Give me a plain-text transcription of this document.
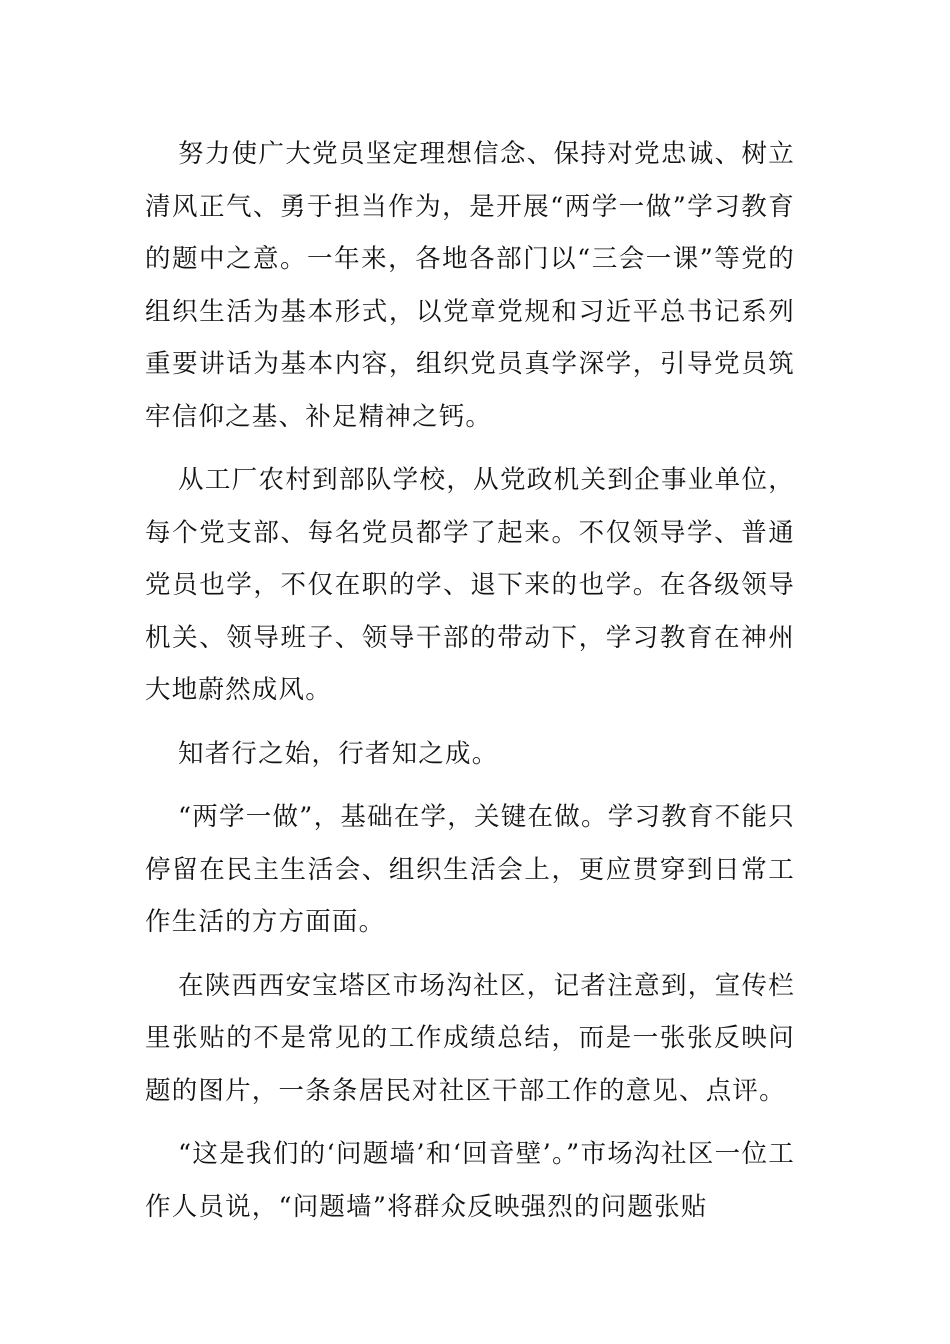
努力使广大党员坚定理想信念、保持对党忠诚、树立清风正气、勇于担当作为，是开展“两学一做”学习教育的题中之意。一年来，各地各部门以“三会一课”等党的组织生活为基本形式，以党章党规和习近平总书记系列重要讲话为基本内容，组织党员真学深学，引导党员筑牢信仰之基、补足精神之钙。

从工厂农村到部队学校，从党政机关到企事业单位，每个党支部、每名党员都学了起来。不仅领导学、普通党员也学，不仅在职的学、退下来的也学。在各级领导机关、领导班子、领导干部的带动下，学习教育在神州大地蔚然成风。

知者行之始，行者知之成。

“两学一做”，基础在学，关键在做。学习教育不能只停留在民主生活会、组织生活会上，更应贯穿到日常工作生活的方方面面。

在陕西西安宝塔区市场沟社区，记者注意到，宣传栏里张贴的不是常见的工作成绩总结，而是一张张反映问题的图片，一条条居民对社区干部工作的意见、点评。

“这是我们的‘问题墙’和‘回音壁’。”市场沟社区一位工作人员说，“问题墙”将群众反映强烈的问题张贴
